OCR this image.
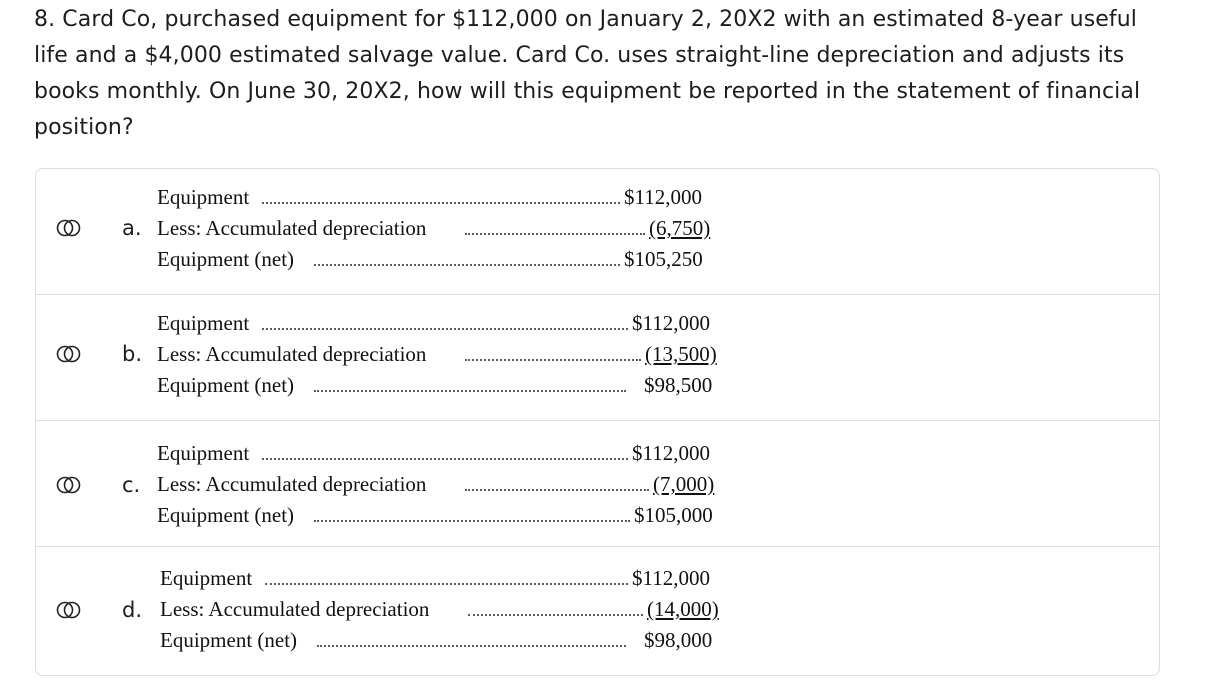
8. Card Co, purchased equipment for $112,000 on January 2, 20X2 with an estimated 8-year useful life and a $4,000 estimated salvage value. Card Co. uses straight-line depreciation and adjusts its books monthly. On June 30, 20X2, how will this equipment be reported in the statement of financial position?
a.
Equipment	$112,000
Less: Accumulated depreciation	(6,750)
Equipment (net)	$105,250
b.
Equipment	$112,000
Less: Accumulated depreciation	(13,500)
Equipment (net)	$98,500
c.
Equipment	$112,000
Less: Accumulated depreciation	(7,000)
Equipment (net)	$105,000
d.
Equipment	$112,000
Less: Accumulated depreciation	(14,000)
Equipment (net)	$98,000
